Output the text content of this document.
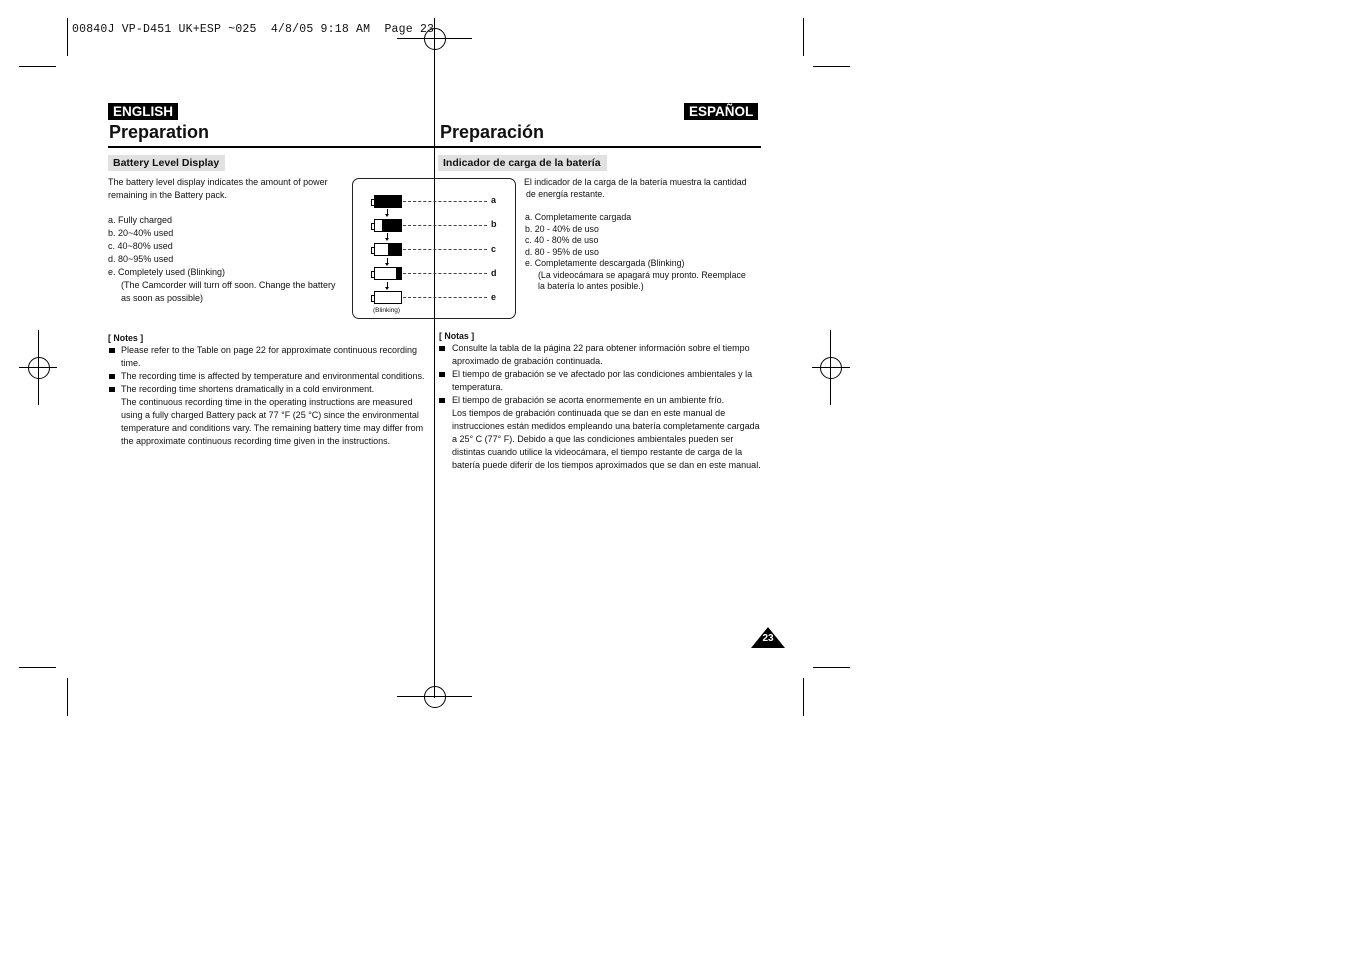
00840J VP-D451 UK+ESP ~025  4/8/05 9:18 AM  Page 23
ENGLISH
Preparation
Battery Level Display
The battery level display indicates the amount of power
remaining in the Battery pack.
a. Fully charged
b. 20~40% used
c. 40~80% used
d. 80~95% used
e. Completely used (Blinking)
(The Camcorder will turn off soon. Change the battery
as soon as possible)
[ Notes ]
Please refer to the Table on page 22 for approximate continuous recording
time.
The recording time is affected by temperature and environmental conditions.
The recording time shortens dramatically in a cold environment.
The continuous recording time in the operating instructions are measured
using a fully charged Battery pack at 77 °F (25 °C) since the environmental
temperature and conditions vary. The remaining battery time may differ from
the approximate continuous recording time given in the instructions.
a
b
c
d
e
(Blinking)
ESPAÑOL
Preparación
Indicador de carga de la batería
El indicador de la carga de la batería muestra la cantidad
de energía restante.
a. Completamente cargada
b. 20 - 40% de uso
c. 40 - 80% de uso
d. 80 - 95% de uso
e. Completamente descargada (Blinking)
(La videocámara se apagará muy pronto. Reemplace
la batería lo antes posible.)
[ Notas ]
Consulte la tabla de la página 22 para obtener información sobre el tiempo
aproximado de grabación continuada.
El tiempo de grabación se ve afectado por las condiciones ambientales y la
temperatura.
El tiempo de grabación se acorta enormemente en un ambiente frío.
Los tiempos de grabación continuada que se dan en este manual de
instrucciones están medidos empleando una batería completamente cargada
a 25° C (77° F). Debido a que las condiciones ambientales pueden ser
distintas cuando utilice la videocámara, el tiempo restante de carga de la
batería puede diferir de los tiempos aproximados que se dan en este manual.
23
